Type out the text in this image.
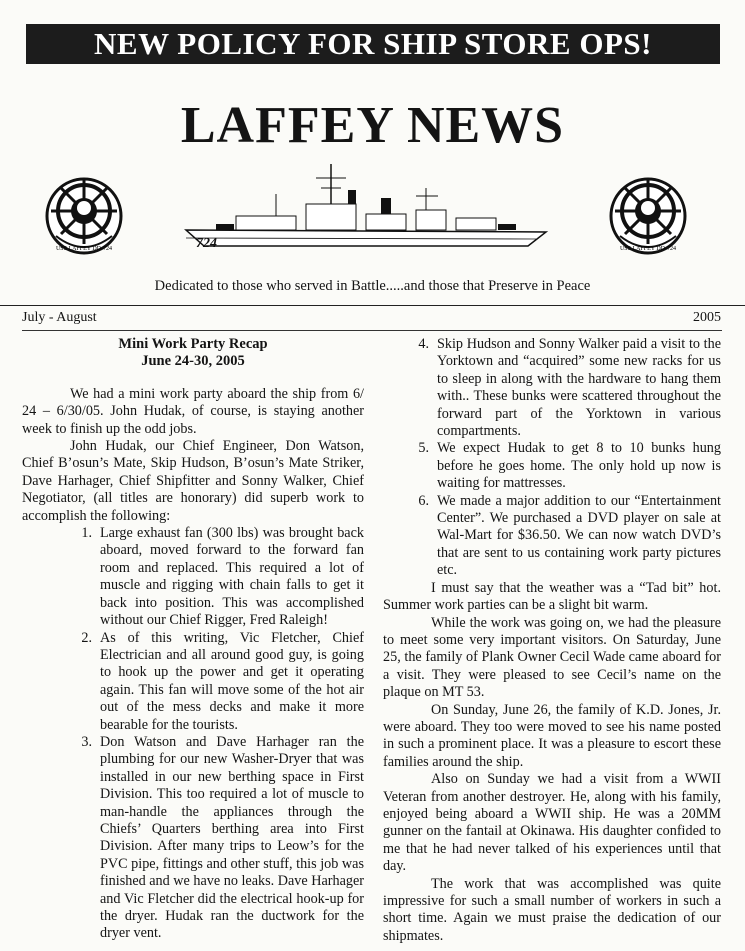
NEW POLICY FOR SHIP STORE OPS!
LAFFEY NEWS
USS LAFFEY DD-724	724	USS LAFFEY DD-724
Dedicated to those who served in Battle.....and those that Preserve in Peace
July - August	2005
Mini Work Party Recap
June 24-30, 2005

We had a mini work party aboard the ship from 6/ 24 – 6/30/05. John Hudak, of course, is staying another week to finish up the odd jobs.

John Hudak, our Chief Engineer, Don Watson, Chief B’osun’s Mate, Skip Hudson, B’osun’s Mate Striker, Dave Harhager, Chief Shipfitter and Sonny Walker, Chief Negotiator, (all titles are honorary) did superb work to accomplish the following:

1. Large exhaust fan (300 lbs) was brought back aboard, moved forward to the forward fan room and replaced. This required a lot of muscle and rigging with chain falls to get it back into position. This was accomplished without our Chief Rigger, Fred Raleigh!
2. As of this writing, Vic Fletcher, Chief Electrician and all around good guy, is going to hook up the power and get it operating again. This fan will move some of the hot air out of the mess decks and make it more bearable for the tourists.
3. Don Watson and Dave Harhager ran the plumbing for our new Washer-Dryer that was installed in our new berthing space in First Division. This too required a lot of muscle to man-handle the appliances through the Chiefs’ Quarters berthing area into First Division. After many trips to Leow’s for the PVC pipe, fittings and other stuff, this job was finished and we have no leaks. Dave Harhager and Vic Fletcher did the electrical hook-up for the dryer. Hudak ran the ductwork for the dryer vent.
4. Skip Hudson and Sonny Walker paid a visit to the Yorktown and “acquired” some new racks for us to sleep in along with the hardware to hang them with.. These bunks were scattered throughout the forward part of the Yorktown in various compartments.
5. We expect Hudak to get 8 to 10 bunks hung before he goes home. The only hold up now is waiting for mattresses.
6. We made a major addition to our “Entertainment Center”. We purchased a DVD player on sale at Wal-Mart for $36.50. We can now watch DVD’s that are sent to us containing work party pictures etc.

I must say that the weather was a “Tad bit” hot. Summer work parties can be a slight bit warm.

While the work was going on, we had the pleasure to meet some very important visitors. On Saturday, June 25, the family of Plank Owner Cecil Wade came aboard for a visit. They were pleased to see Cecil’s name on the plaque on MT 53.

On Sunday, June 26, the family of K.D. Jones, Jr. were aboard. They too were moved to see his name posted in such a prominent place. It was a pleasure to escort these families around the ship.

Also on Sunday we had a visit from a WWII Veteran from another destroyer. He, along with his family, enjoyed being aboard a WWII ship. He was a 20MM gunner on the fantail at Okinawa. His daughter confided to me that he had never talked of his experiences until that day.

The work that was accomplished was quite impressive for such a small number of workers in such a short time. Again we must praise the dedication of our shipmates.
